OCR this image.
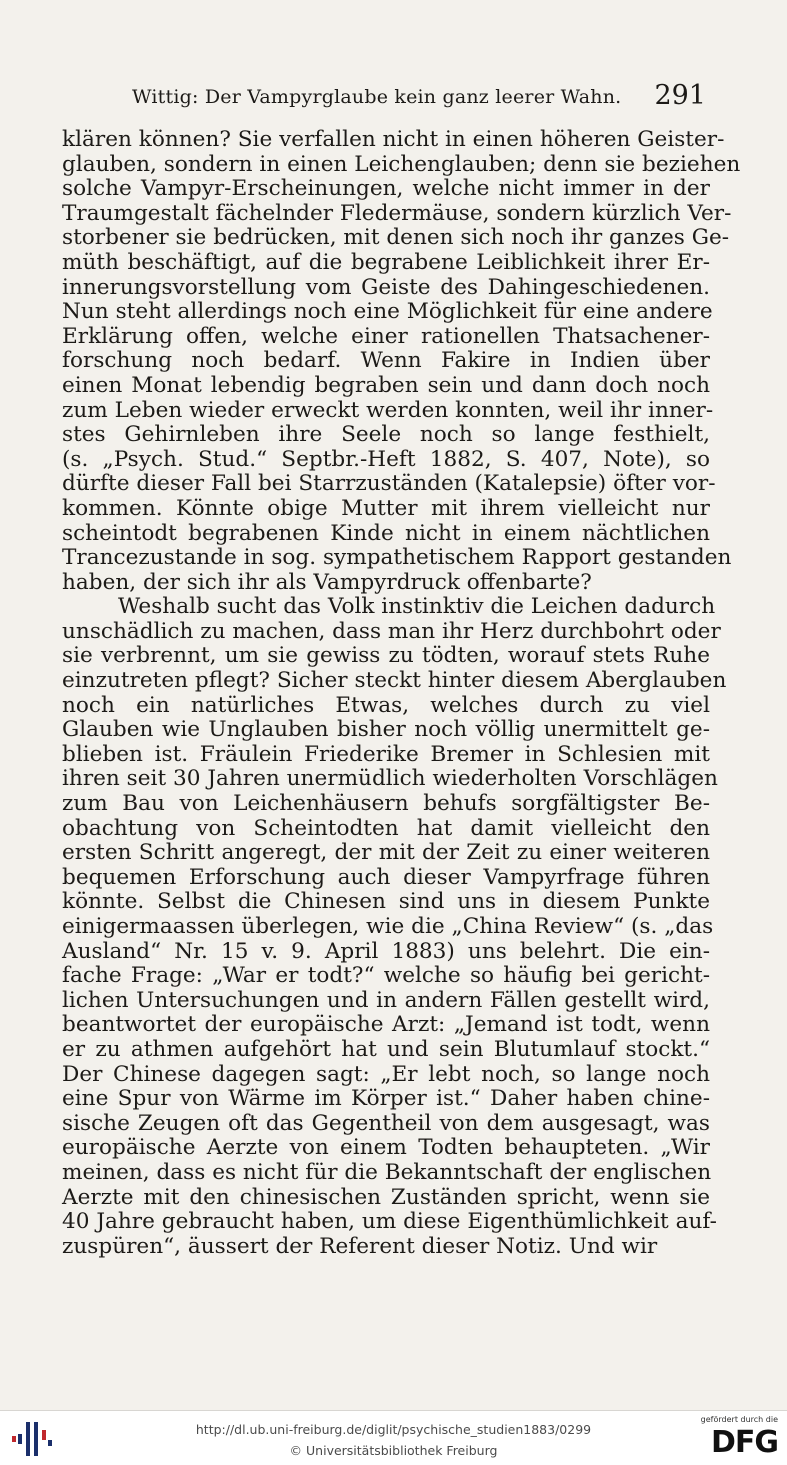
Wittig: Der Vampyrglaube kein ganz leerer Wahn. 291
klären können? Sie verfallen nicht in einen höheren Geister-
glauben, sondern in einen Leichenglauben; denn sie beziehen
solche Vampyr-Erscheinungen, welche nicht immer in der
Traumgestalt fächelnder Fledermäuse, sondern kürzlich Ver-
storbener sie bedrücken, mit denen sich noch ihr ganzes Ge-
müth beschäftigt, auf die begrabene Leiblichkeit ihrer Er-
innerungsvorstellung vom Geiste des Dahingeschiedenen.
Nun steht allerdings noch eine Möglichkeit für eine andere
Erklärung offen, welche einer rationellen Thatsachener-
forschung noch bedarf. Wenn Fakire in Indien über
einen Monat lebendig begraben sein und dann doch noch
zum Leben wieder erweckt werden konnten, weil ihr inner-
stes Gehirnleben ihre Seele noch so lange festhielt,
(s. „Psych. Stud.“ Septbr.-Heft 1882, S. 407, Note), so
dürfte dieser Fall bei Starrzuständen (Katalepsie) öfter vor-
kommen. Könnte obige Mutter mit ihrem vielleicht nur
scheintodt begrabenen Kinde nicht in einem nächtlichen
Trancezustande in sog. sympathetischem Rapport gestanden
haben, der sich ihr als Vampyrdruck offenbarte?
Weshalb sucht das Volk instinktiv die Leichen dadurch
unschädlich zu machen, dass man ihr Herz durchbohrt oder
sie verbrennt, um sie gewiss zu tödten, worauf stets Ruhe
einzutreten pflegt? Sicher steckt hinter diesem Aberglauben
noch ein natürliches Etwas, welches durch zu viel
Glauben wie Unglauben bisher noch völlig unermittelt ge-
blieben ist. Fräulein Friederike Bremer in Schlesien mit
ihren seit 30 Jahren unermüdlich wiederholten Vorschlägen
zum Bau von Leichenhäusern behufs sorgfältigster Be-
obachtung von Scheintodten hat damit vielleicht den
ersten Schritt angeregt, der mit der Zeit zu einer weiteren
bequemen Erforschung auch dieser Vampyrfrage führen
könnte. Selbst die Chinesen sind uns in diesem Punkte
einigermaassen überlegen, wie die „China Review“ (s. „das
Ausland“ Nr. 15 v. 9. April 1883) uns belehrt. Die ein-
fache Frage: „War er todt?“ welche so häufig bei gericht-
lichen Untersuchungen und in andern Fällen gestellt wird,
beantwortet der europäische Arzt: „Jemand ist todt, wenn
er zu athmen aufgehört hat und sein Blutumlauf stockt.“
Der Chinese dagegen sagt: „Er lebt noch, so lange noch
eine Spur von Wärme im Körper ist.“ Daher haben chine-
sische Zeugen oft das Gegentheil von dem ausgesagt, was
europäische Aerzte von einem Todten behaupteten. „Wir
meinen, dass es nicht für die Bekanntschaft der englischen
Aerzte mit den chinesischen Zuständen spricht, wenn sie
40 Jahre gebraucht haben, um diese Eigenthümlichkeit auf-
zuspüren“, äussert der Referent dieser Notiz. Und wir
http://dl.ub.uni-freiburg.de/diglit/psychische_studien1883/0299
© Universitätsbibliothek Freiburg
gefördert durch die
DFG
